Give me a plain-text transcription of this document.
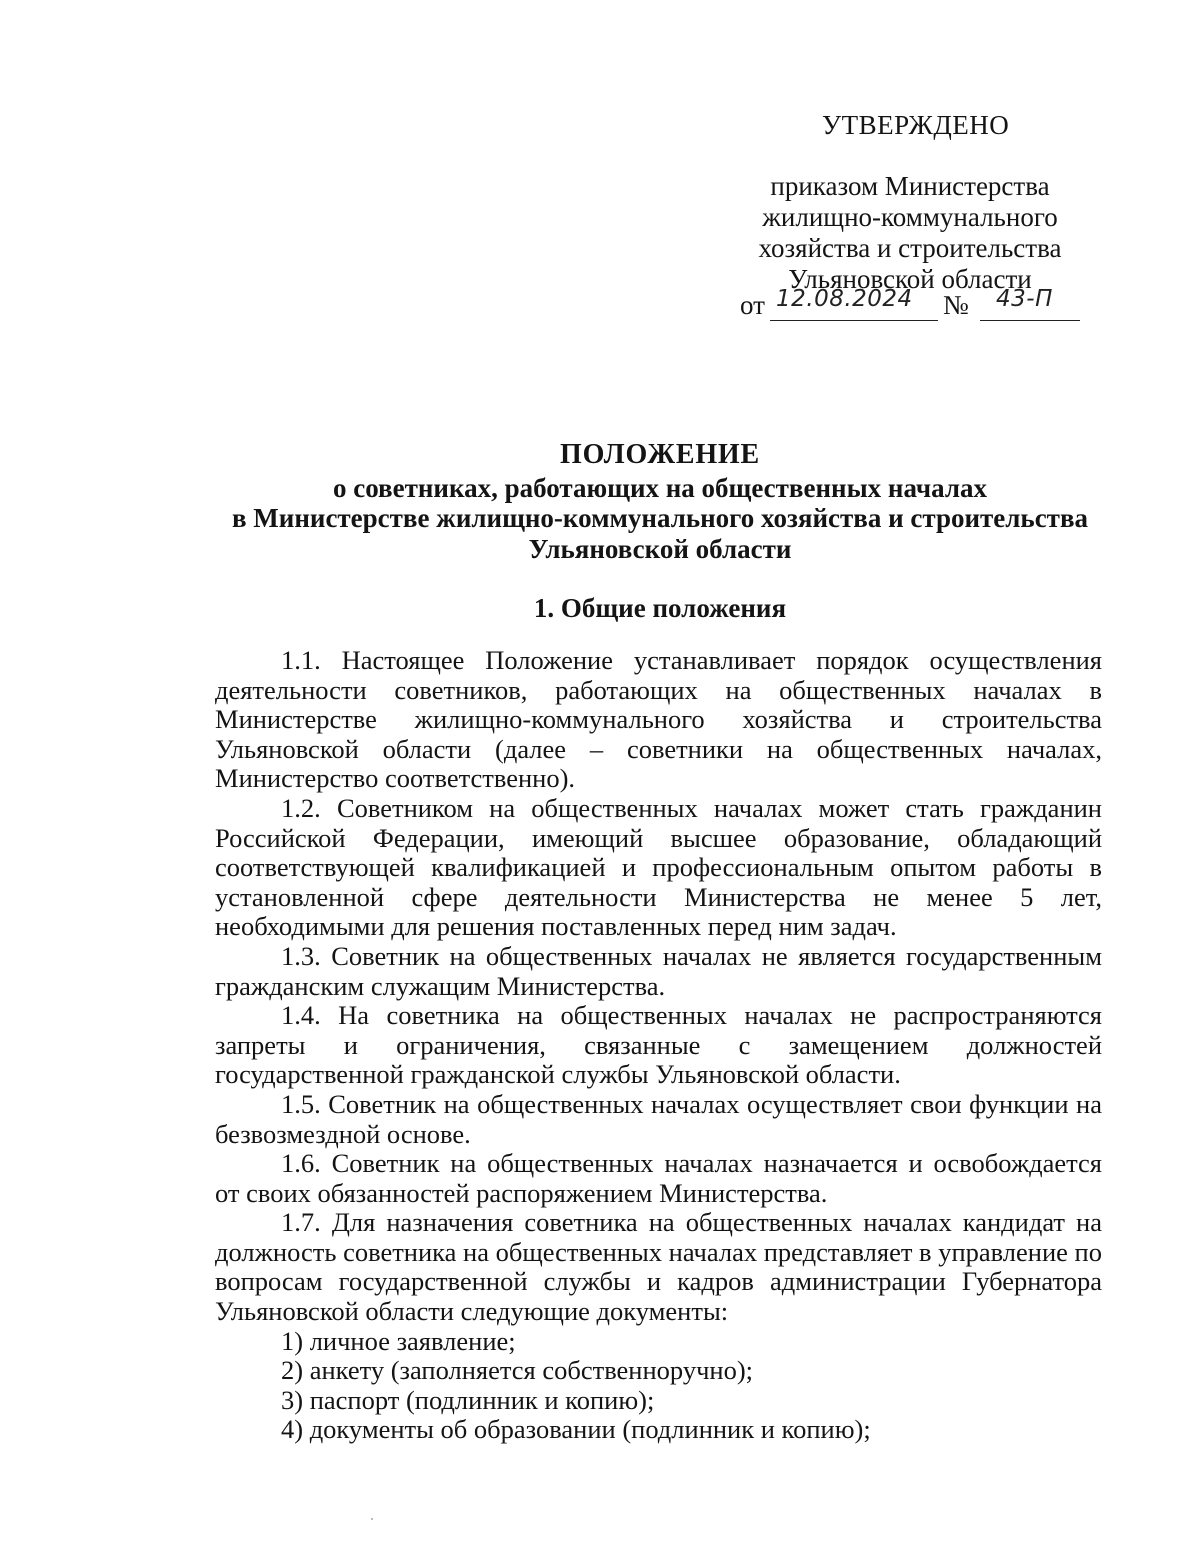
УТВЕРЖДЕНО
приказом Министерства
жилищно-коммунального
хозяйства и строительства
Ульяновской области
от 12.08.2024 № 43-П
ПОЛОЖЕНИЕ
о советниках, работающих на общественных началах
в Министерстве жилищно-коммунального хозяйства и строительства
Ульяновской области
1. Общие положения

1.1. Настоящее Положение устанавливает порядок осуществления деятельности советников, работающих на общественных началах в Министерстве жилищно-коммунального хозяйства и строительства Ульяновской области (далее – советники на общественных началах, Министерство соответственно).

1.2. Советником на общественных началах может стать гражданин Российской Федерации, имеющий высшее образование, обладающий соответствующей квалификацией и профессиональным опытом работы в установленной сфере деятельности Министерства не менее 5 лет, необходимыми для решения поставленных перед ним задач.

1.3. Советник на общественных началах не является государственным гражданским служащим Министерства.

1.4. На советника на общественных началах не распространяются запреты и ограничения, связанные с замещением должностей государственной гражданской службы Ульяновской области.

1.5. Советник на общественных началах осуществляет свои функции на безвозмездной основе.

1.6. Советник на общественных началах назначается и освобождается от своих обязанностей распоряжением Министерства.

1.7. Для назначения советника на общественных началах кандидат на должность советника на общественных началах представляет в управление по вопросам государственной службы и кадров администрации Губернатора Ульяновской области следующие документы:

1) личное заявление;

2) анкету (заполняется собственноручно);

3) паспорт (подлинник и копию);

4) документы об образовании (подлинник и копию);
